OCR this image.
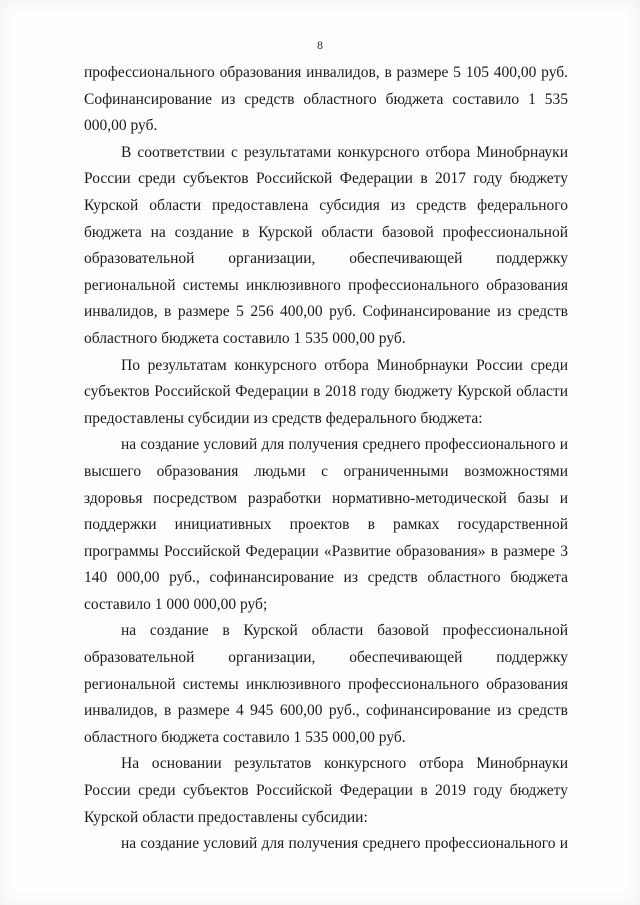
8

профессионального образования инвалидов, в размере 5 105 400,00 руб. Софинансирование из средств областного бюджета составило 1 535 000,00 руб.

В соответствии с результатами конкурсного отбора Минобрнауки России среди субъектов Российской Федерации в 2017 году бюджету Курской области предоставлена субсидия из средств федерального бюджета на создание в Курской области базовой профессиональной образовательной организации, обеспечивающей поддержку региональной системы инклюзивного профессионального образования инвалидов, в размере 5 256 400,00 руб. Софинансирование из средств областного бюджета составило 1 535 000,00 руб.

По результатам конкурсного отбора Минобрнауки России среди субъектов Российской Федерации в 2018 году бюджету Курской области предоставлены субсидии из средств федерального бюджета:

на создание условий для получения среднего профессионального и высшего образования людьми с ограниченными возможностями здоровья посредством разработки нормативно-методической базы и поддержки инициативных проектов в рамках государственной программы Российской Федерации «Развитие образования» в размере 3 140 000,00 руб., софинансирование из средств областного бюджета составило 1 000 000,00 руб;

на создание в Курской области базовой профессиональной образовательной организации, обеспечивающей поддержку региональной системы инклюзивного профессионального образования инвалидов, в размере 4 945 600,00 руб., софинансирование из средств областного бюджета составило 1 535 000,00 руб.

На основании результатов конкурсного отбора Минобрнауки России среди субъектов Российской Федерации в 2019 году бюджету Курской области предоставлены субсидии:

на создание условий для получения среднего профессионального и
